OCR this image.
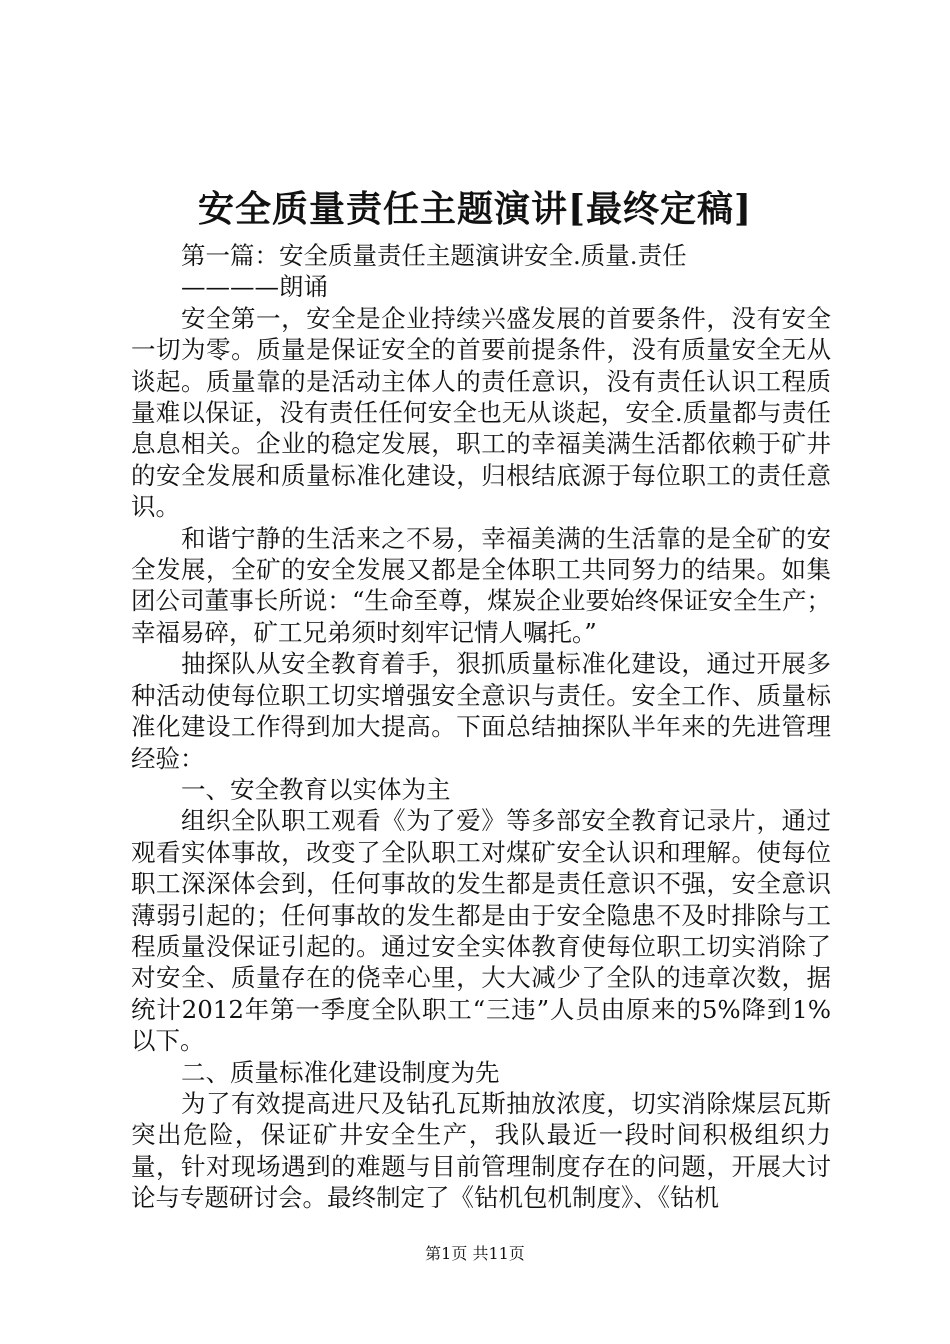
安全质量责任主题演讲[最终定稿]

第一篇：安全质量责任主题演讲安全.质量.责任

————朗诵

安全第一，安全是企业持续兴盛发展的首要条件，没有安全一切为零。质量是保证安全的首要前提条件，没有质量安全无从谈起。质量靠的是活动主体人的责任意识，没有责任认识工程质量难以保证，没有责任任何安全也无从谈起，安全.质量都与责任息息相关。企业的稳定发展，职工的幸福美满生活都依赖于矿井的安全发展和质量标准化建设，归根结底源于每位职工的责任意识。

和谐宁静的生活来之不易，幸福美满的生活靠的是全矿的安全发展，全矿的安全发展又都是全体职工共同努力的结果。如集团公司董事长所说：“生命至尊，煤炭企业要始终保证安全生产；幸福易碎，矿工兄弟须时刻牢记情人嘱托。”

抽探队从安全教育着手，狠抓质量标准化建设，通过开展多种活动使每位职工切实增强安全意识与责任。安全工作、质量标准化建设工作得到加大提高。下面总结抽探队半年来的先进管理经验：

一、安全教育以实体为主

组织全队职工观看《为了爱》等多部安全教育记录片，通过观看实体事故，改变了全队职工对煤矿安全认识和理解。使每位职工深深体会到，任何事故的发生都是责任意识不强，安全意识薄弱引起的；任何事故的发生都是由于安全隐患不及时排除与工程质量没保证引起的。通过安全实体教育使每位职工切实消除了对安全、质量存在的侥幸心里，大大减少了全队的违章次数，据统计2012年第一季度全队职工“三违”人员由原来的5%降到1%以下。

二、质量标准化建设制度为先

为了有效提高进尺及钻孔瓦斯抽放浓度，切实消除煤层瓦斯突出危险，保证矿井安全生产，我队最近一段时间积极组织力量，针对现场遇到的难题与目前管理制度存在的问题，开展大讨论与专题研讨会。最终制定了《钻机包机制度》、《钻机

第1页 共11页
